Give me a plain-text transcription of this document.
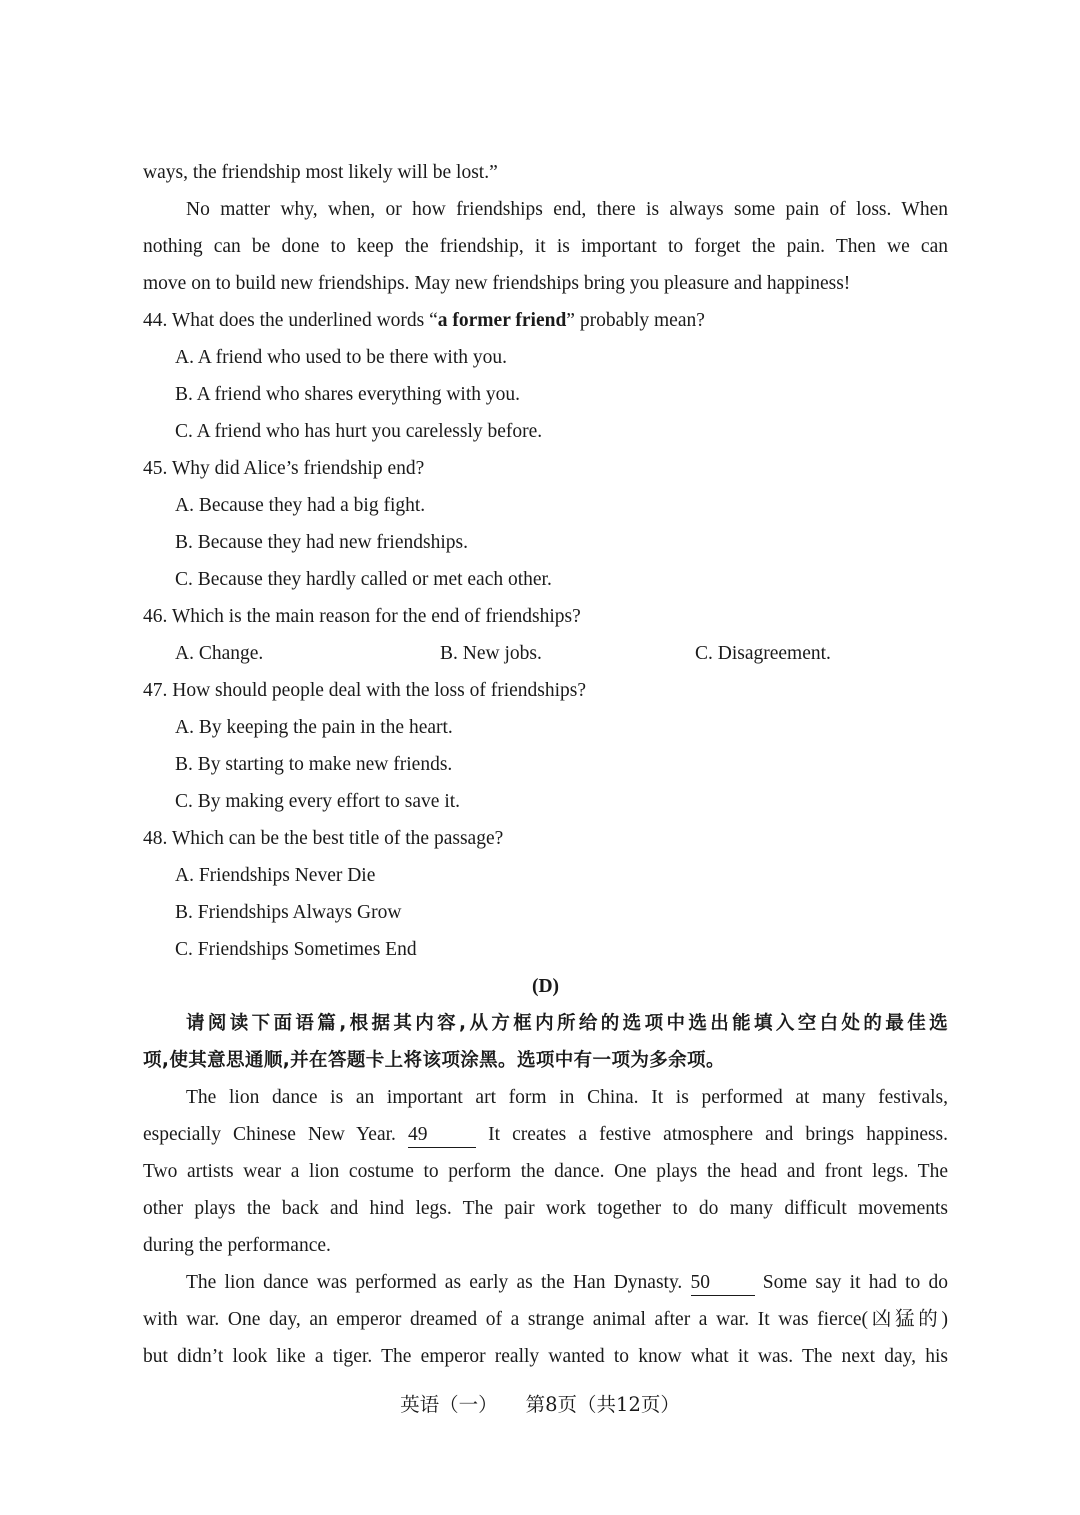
ways, the friendship most likely will be lost.”
No matter why, when, or how friendships end, there is always some pain of loss. When
nothing can be done to keep the friendship, it is important to forget the pain. Then we can
move on to build new friendships. May new friendships bring you pleasure and happiness!
44. What does the underlined words “a former friend” probably mean?
A. A friend who used to be there with you.
B. A friend who shares everything with you.
C. A friend who has hurt you carelessly before.
45. Why did Alice’s friendship end?
A. Because they had a big fight.
B. Because they had new friendships.
C. Because they hardly called or met each other.
46. Which is the main reason for the end of friendships?
A. Change.	B. New jobs.	C. Disagreement.
47. How should people deal with the loss of friendships?
A. By keeping the pain in the heart.
B. By starting to make new friends.
C. By making every effort to save it.
48. Which can be the best title of the passage?
A. Friendships Never Die
B. Friendships Always Grow
C. Friendships Sometimes End
(D)
请阅读下面语篇,根据其内容,从方框内所给的选项中选出能填入空白处的最佳选
项,使其意思通顺,并在答题卡上将该项涂黑。选项中有一项为多余项。
The lion dance is an important art form in China. It is performed at many festivals,
especially Chinese New Year. 49	It creates a festive atmosphere and brings happiness.
Two artists wear a lion costume to perform the dance. One plays the head and front legs. The
other plays the back and hind legs. The pair work together to do many difficult movements
during the performance.
The lion dance was performed as early as the Han Dynasty. 50	Some say it had to do
with war. One day, an emperor dreamed of a strange animal after a war. It was fierce(凶猛的)
but didn’t look like a tiger. The emperor really wanted to know what it was. The next day, his
英语（一） 第8页（共12页）
